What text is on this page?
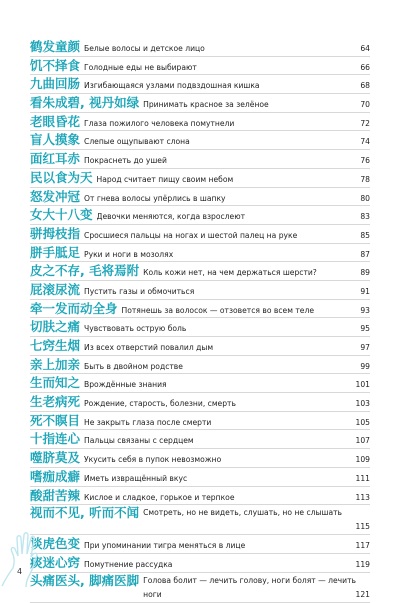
鹤发童颜 Белые волосы и детское лицо	64
饥不择食 Голодные еды не выбирают	66
九曲回肠 Изгибающаяся узлами подвздошная кишка	68
看朱成碧, 视丹如绿 Принимать красное за зелёное	70
老眼昏花 Глаза пожилого человека помутнели	72
盲人摸象 Слепые ощупывают слона	74
面红耳赤 Покраснеть до ушей	76
民以食为天 Народ считает пищу своим небом	78
怒发冲冠 От гнева волосы упёрлись в шапку	80
女大十八变 Девочки меняются, когда взрослеют	83
骈拇枝指 Сросшиеся пальцы на ногах и шестой палец на руке	85
胼手胝足 Руки и ноги в мозолях	87
皮之不存, 毛将焉附 Коль кожи нет, на чем держаться шерсти?	89
屁滚尿流 Пустить газы и обмочиться	91
牵一发而动全身 Потянешь за волосок — отзовется во всем теле	93
切肤之痛 Чувствовать острую боль	95
七窍生烟 Из всех отверстий повалил дым	97
亲上加亲 Быть в двойном родстве	99
生而知之 Врождённые знания	101
生老病死 Рождение, старость, болезни, смерть	103
死不瞑目 Не закрыть глаза после смерти	105
十指连心 Пальцы связаны с сердцем	107
噬脐莫及 Укусить себя в пупок невозможно	109
嗜痂成癖 Иметь извращённый вкус	111
酸甜苦辣 Кислое и сладкое, горькое и терпкое	113
视而不见, 听而不闻 Смотреть, но не видеть, слушать, но не слышать
115
谈虎色变 При упоминании тигра меняться в лице	117
痰迷心窍 Помутнение рассудка	119
头痛医头, 脚痛医脚 Голова болит — лечить голову, ноги болят — лечить ноги	121
4
